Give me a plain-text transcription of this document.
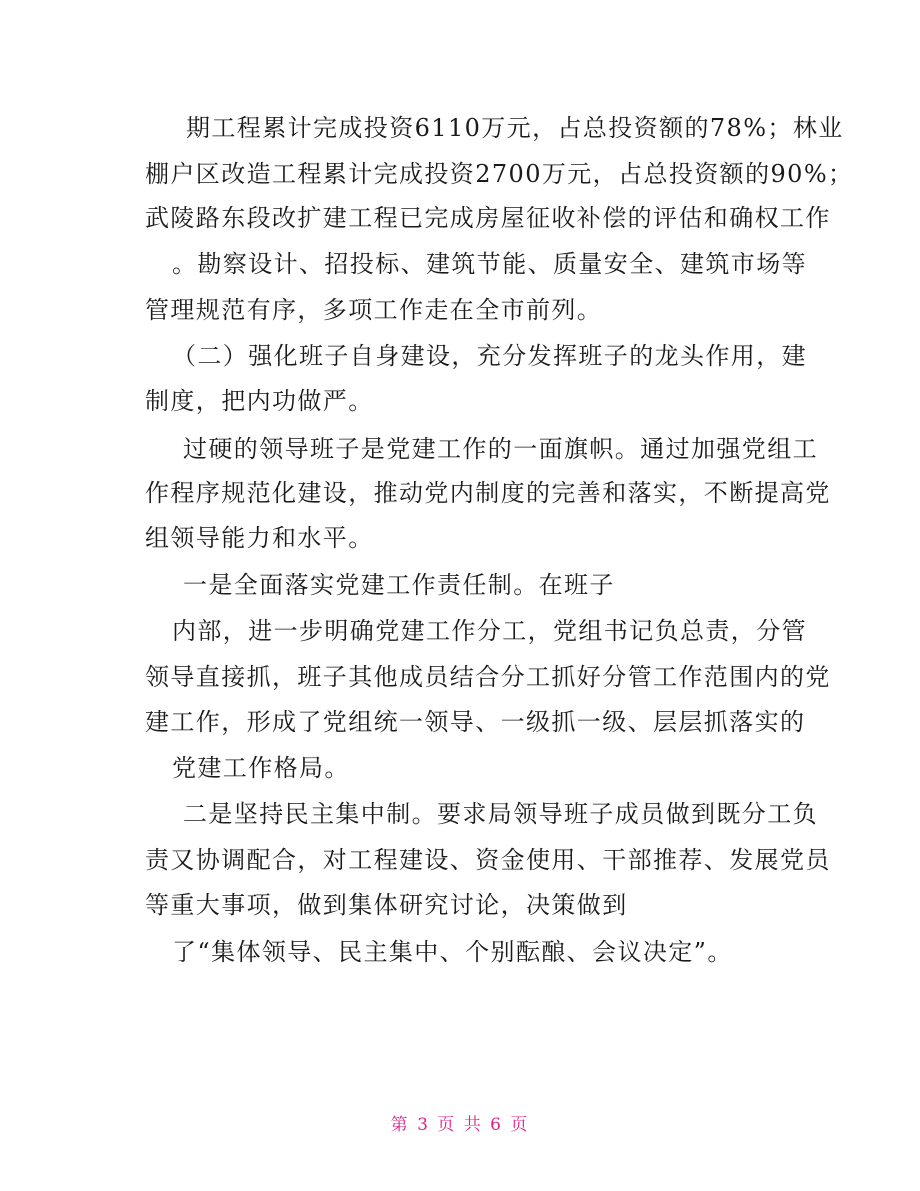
期工程累计完成投资6110万元，占总投资额的78%；林业
棚户区改造工程累计完成投资2700万元，占总投资额的90%；
武陵路东段改扩建工程已完成房屋征收补偿的评估和确权工作
。勘察设计、招投标、建筑节能、质量安全、建筑市场等
管理规范有序，多项工作走在全市前列。
（二）强化班子自身建设，充分发挥班子的龙头作用，建
制度，把内功做严。
过硬的领导班子是党建工作的一面旗帜。通过加强党组工
作程序规范化建设，推动党内制度的完善和落实，不断提高党
组领导能力和水平。
一是全面落实党建工作责任制。在班子
内部，进一步明确党建工作分工，党组书记负总责，分管
领导直接抓，班子其他成员结合分工抓好分管工作范围内的党
建工作，形成了党组统一领导、一级抓一级、层层抓落实的
党建工作格局。
二是坚持民主集中制。要求局领导班子成员做到既分工负
责又协调配合，对工程建设、资金使用、干部推荐、发展党员
等重大事项，做到集体研究讨论，决策做到
了“集体领导、民主集中、个别酝酿、会议决定”。
第 3 页 共 6 页
